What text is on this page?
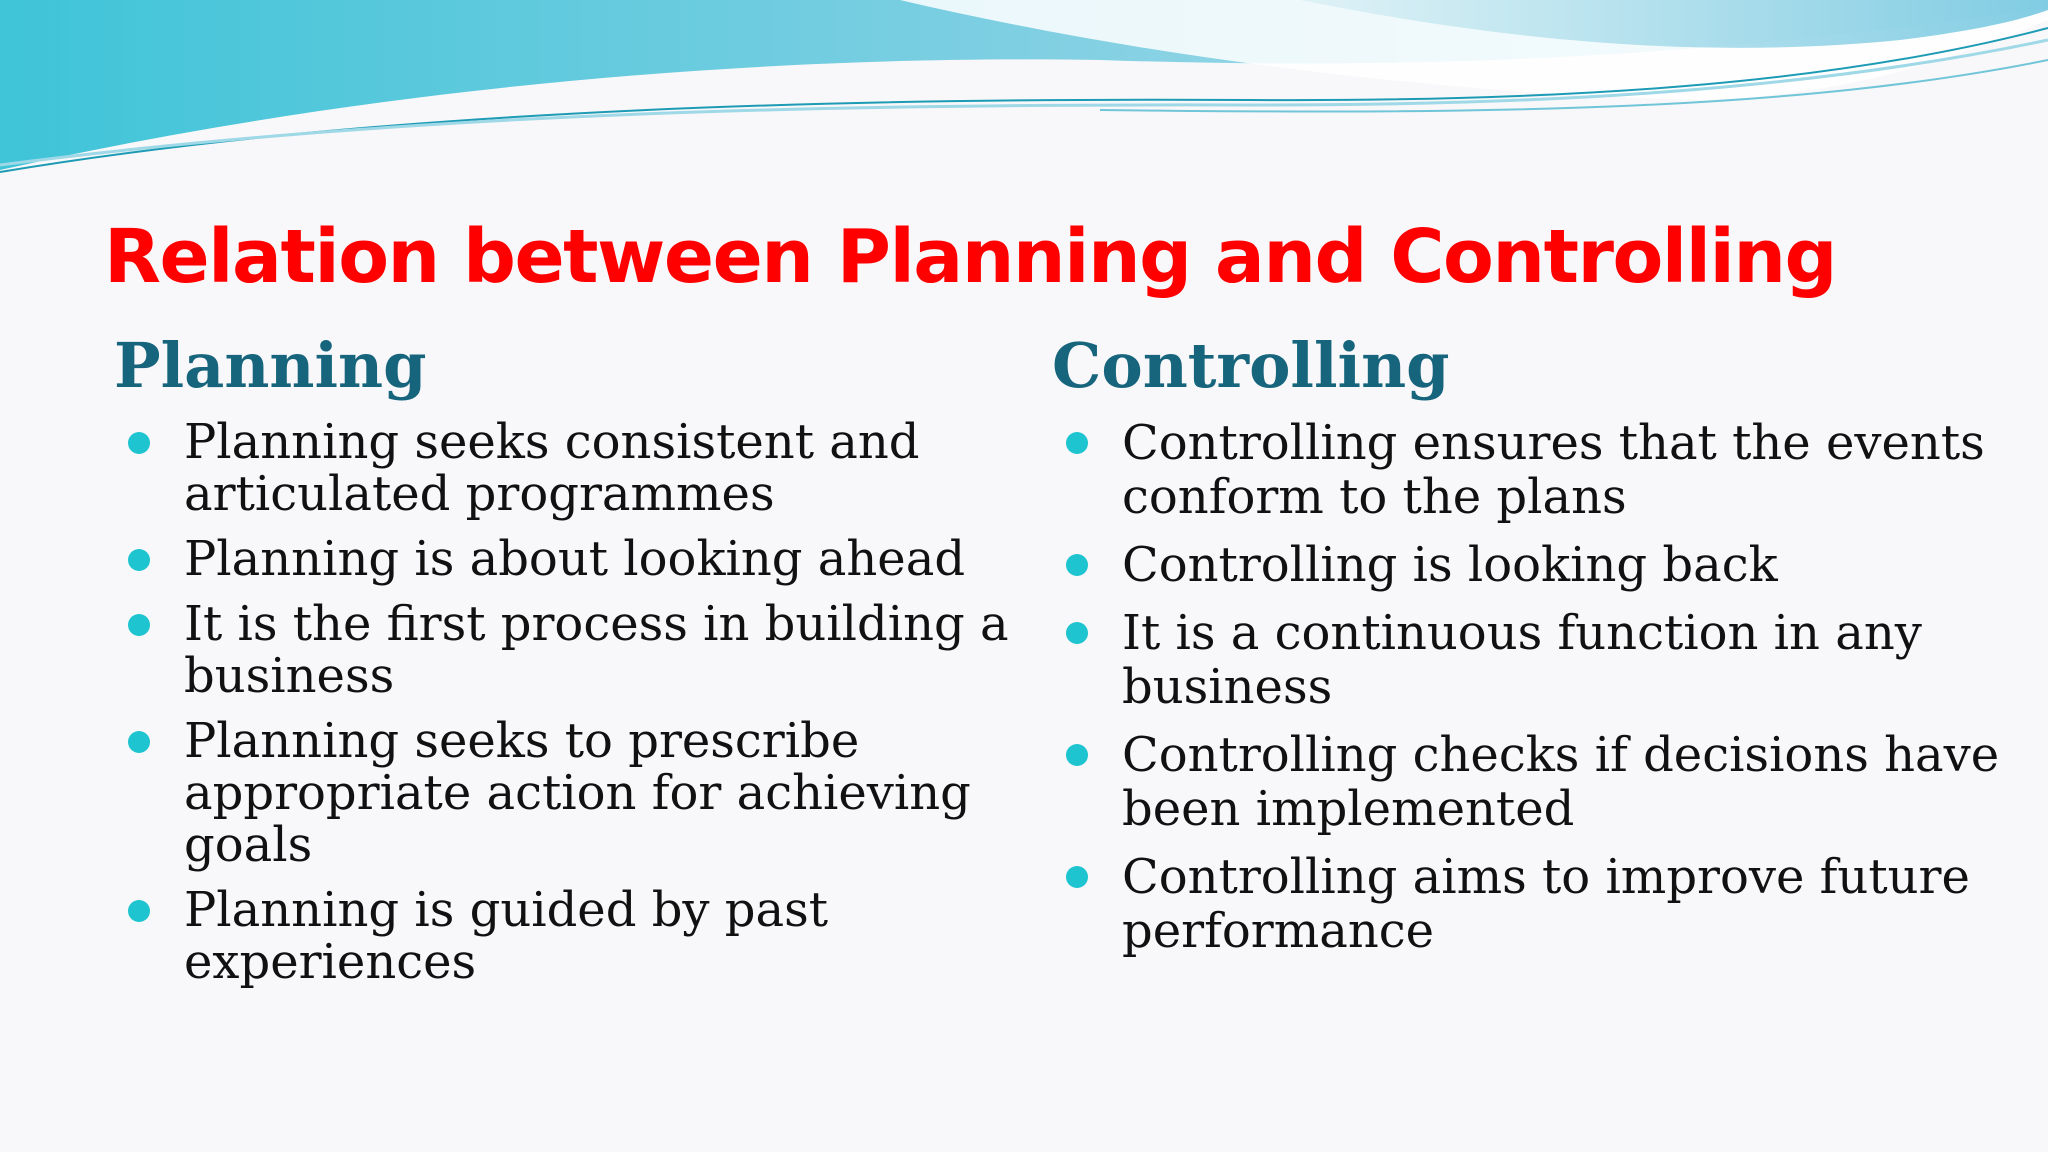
Relation between Planning and Controlling
Planning
Planning seeks consistent and articulated programmes
Planning is about looking ahead
It is the first process in building a business
Planning seeks to prescribe appropriate action for achieving goals
Planning is guided by past experiences
Controlling
Controlling ensures that the events conform to the plans
Controlling is looking back
It is a continuous function in any business
Controlling checks if decisions have been implemented
Controlling aims to improve future performance
